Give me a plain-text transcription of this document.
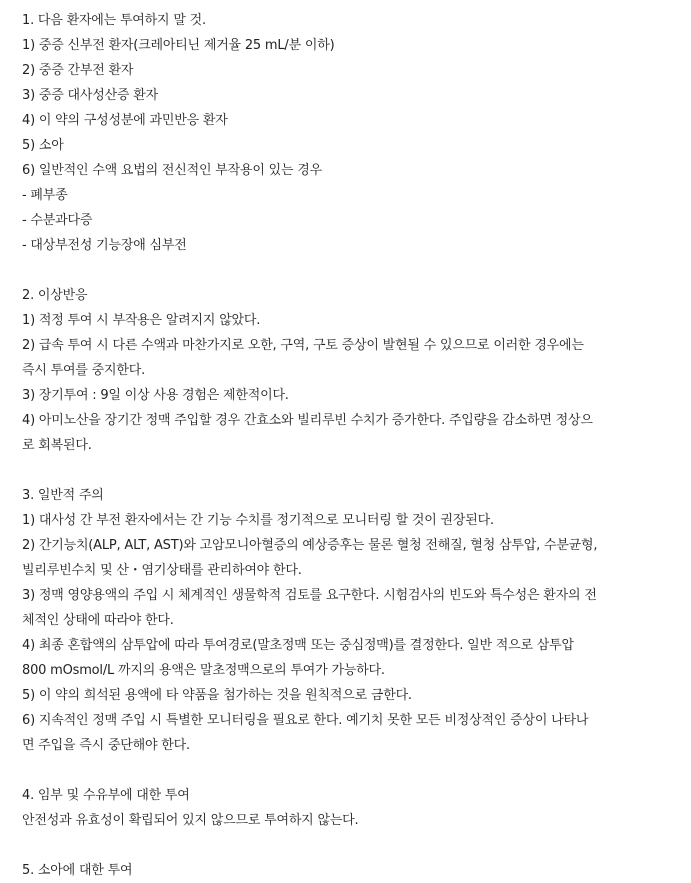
1. 다음 환자에는 투여하지 말 것.
1) 중증 신부전 환자(크레아티닌 제거율 25 mL/분 이하)
2) 중증 간부전 환자
3) 중증 대사성산증 환자
4) 이 약의 구성성분에 과민반응 환자
5) 소아
6) 일반적인 수액 요법의 전신적인 부작용이 있는 경우
- 폐부종
- 수분과다증
- 대상부전성 기능장애 심부전
2. 이상반응
1) 적정 투여 시 부작용은 알려지지 않았다.
2) 급속 투여 시 다른 수액과 마찬가지로 오한, 구역, 구토 증상이 발현될 수 있으므로 이러한 경우에는
즉시 투여를 중지한다.
3) 장기투여 : 9일 이상 사용 경험은 제한적이다.
4) 아미노산을 장기간 정맥 주입할 경우 간효소와 빌리루빈 수치가 증가한다. 주입량을 감소하면 정상으
로 회복된다.
3. 일반적 주의
1) 대사성 간 부전 환자에서는 간 기능 수치를 정기적으로 모니터링 할 것이 권장된다.
2) 간기능치(ALP, ALT, AST)와 고암모니아혈증의 예상증후는 물론 혈청 전해질, 혈청 삼투압, 수분균형,
빌리루빈수치 및 산・염기상태를 관리하여야 한다.
3) 정맥 영양용액의 주입 시 체계적인 생물학적 검토를 요구한다. 시험검사의 빈도와 특수성은 환자의 전
체적인 상태에 따라야 한다.
4) 최종 혼합액의 삼투압에 따라 투여경로(말초정맥 또는 중심정맥)를 결정한다. 일반 적으로 삼투압
800 mOsmol/L 까지의 용액은 말초정맥으로의 투여가 가능하다.
5) 이 약의 희석된 용액에 타 약품을 첨가하는 것을 원칙적으로 금한다.
6) 지속적인 정맥 주입 시 특별한 모니터링을 필요로 한다. 예기치 못한 모든 비정상적인 증상이 나타나
면 주입을 즉시 중단해야 한다.
4. 임부 및 수유부에 대한 투여
안전성과 유효성이 확립되어 있지 않으므로 투여하지 않는다.
5. 소아에 대한 투여
